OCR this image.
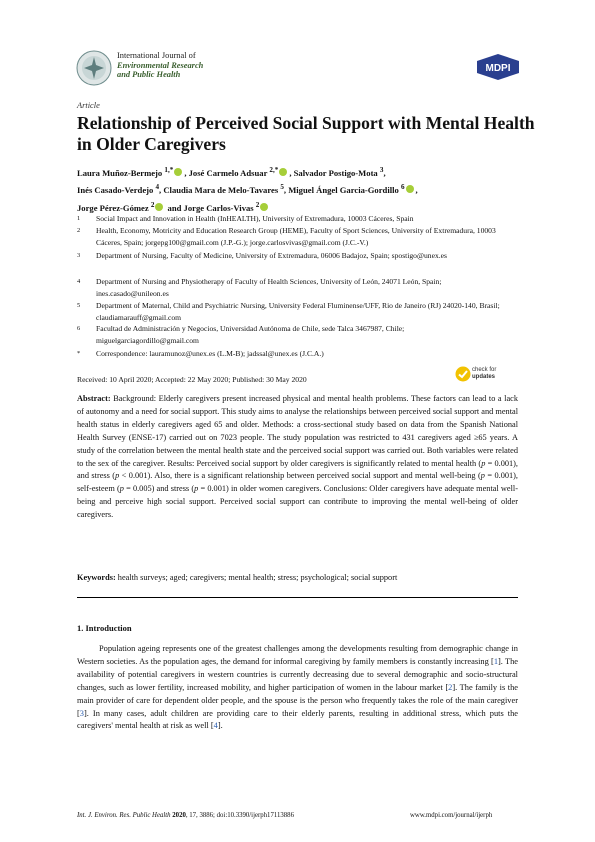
International Journal of
Environmental Research
and Public Health
MDPI
Article
Relationship of Perceived Social Support with Mental Health in Older Caregivers
Laura Muñoz-Bermejo $^{1,*}$ , José Carmelo Adsuar $^{2,*}$ , Salvador Postigo-Mota $^3$,
Inés Casado-Verdejo $^4$, Claudia Mara de Melo-Tavares $^5$, Miguel Ángel Garcia-Gordillo $^6$ ,
Jorge Pérez-Gómez $^2$ and Jorge Carlos-Vivas $^2$
1	Social Impact and Innovation in Health (InHEALTH), University of Extremadura, 10003 Cáceres, Spain
2	Health, Economy, Motricity and Education Research Group (HEME), Faculty of Sport Sciences, University of Extremadura, 10003 Cáceres, Spain; jorgepg100@gmail.com (J.P.-G.); jorge.carlosvivas@gmail.com (J.C.-V.)
3	Department of Nursing, Faculty of Medicine, University of Extremadura, 06006 Badajoz, Spain; spostigo@unex.es
4	Department of Nursing and Physiotherapy of Faculty of Health Sciences, University of León, 24071 León, Spain; ines.casado@unileon.es
5	Department of Maternal, Child and Psychiatric Nursing, University Federal Fluminense/UFF, Rio de Janeiro (RJ) 24020-140, Brasil; claudiamarauff@gmail.com
6	Facultad de Administración y Negocios, Universidad Autónoma de Chile, sede Talca 3467987, Chile; miguelgarciagordillo@gmail.com
*	Correspondence: lauramunoz@unex.es (L.M-B); jadssal@unex.es (J.C.A.)
Received: 10 April 2020; Accepted: 22 May 2020; Published: 30 May 2020
check for
updates
Abstract: Background: Elderly caregivers present increased physical and mental health problems. These factors can lead to a lack of autonomy and a need for social support. This study aims to analyse the relationships between perceived social support and mental health status in elderly caregivers aged 65 and older. Methods: a cross-sectional study based on data from the Spanish National Health Survey (ENSE-17) carried out on 7023 people. The study population was restricted to 431 caregivers aged ≥65 years. A study of the correlation between the mental health state and the perceived social support was carried out. Both variables were related to the sex of the caregiver. Results: Perceived social support by older caregivers is significantly related to mental health (p = 0.001), and stress (p < 0.001). Also, there is a significant relationship between perceived social support and mental well-being (p = 0.001), self-esteem (p = 0.005) and stress (p = 0.001) in older women caregivers. Conclusions: Older caregivers have adequate mental well-being and perceive high social support. Perceived social support can contribute to improving the mental well-being of older caregivers.
Keywords: health surveys; aged; caregivers; mental health; stress; psychological; social support
1. Introduction

Population ageing represents one of the greatest challenges among the developments resulting from demographic change in Western societies. As the population ages, the demand for informal caregiving by family members is constantly increasing [1]. The availability of potential caregivers in western countries is currently decreasing due to several demographic and socio-structural changes, such as lower fertility, increased mobility, and higher participation of women in the labour market [2]. The family is the main provider of care for dependent older people, and the spouse is the person who frequently takes the role of the main caregiver [3]. In many cases, adult children are providing care to their elderly parents, resulting in additional stress, which puts the caregivers' mental health at risk as well [4].

Int. J. Environ. Res. Public Health 2020, 17, 3886; doi:10.3390/ijerph17113886	www.mdpi.com/journal/ijerph
